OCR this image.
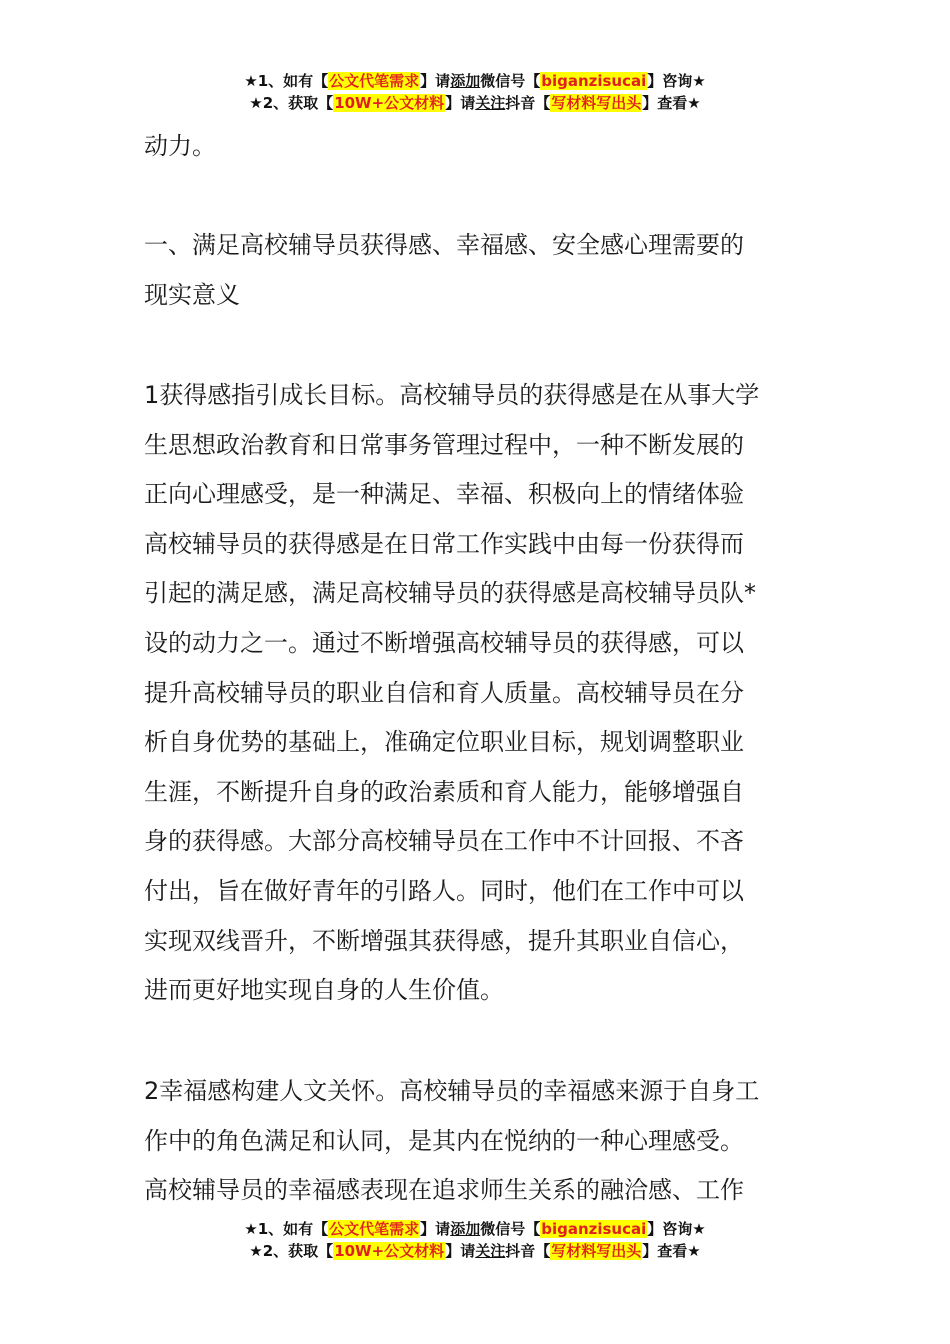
★1、如有【公文代笔需求】请添加微信号【biganzisucai】咨询★
★2、获取【10W+公文材料】请关注抖音【写材料写出头】查看★
动力。
一、满足高校辅导员获得感、幸福感、安全感心理需要的
现实意义
1获得感指引成长目标。高校辅导员的获得感是在从事大学
生思想政治教育和日常事务管理过程中，一种不断发展的
正向心理感受，是一种满足、幸福、积极向上的情绪体验
高校辅导员的获得感是在日常工作实践中由每一份获得而
引起的满足感，满足高校辅导员的获得感是高校辅导员队*
设的动力之一。通过不断增强高校辅导员的获得感，可以
提升高校辅导员的职业自信和育人质量。高校辅导员在分
析自身优势的基础上，准确定位职业目标，规划调整职业
生涯，不断提升自身的政治素质和育人能力，能够增强自
身的获得感。大部分高校辅导员在工作中不计回报、不吝
付出，旨在做好青年的引路人。同时，他们在工作中可以
实现双线晋升，不断增强其获得感，提升其职业自信心，
进而更好地实现自身的人生价值。
2幸福感构建人文关怀。高校辅导员的幸福感来源于自身工
作中的角色满足和认同，是其内在悦纳的一种心理感受。
高校辅导员的幸福感表现在追求师生关系的融洽感、工作
★1、如有【公文代笔需求】请添加微信号【biganzisucai】咨询★
★2、获取【10W+公文材料】请关注抖音【写材料写出头】查看★
